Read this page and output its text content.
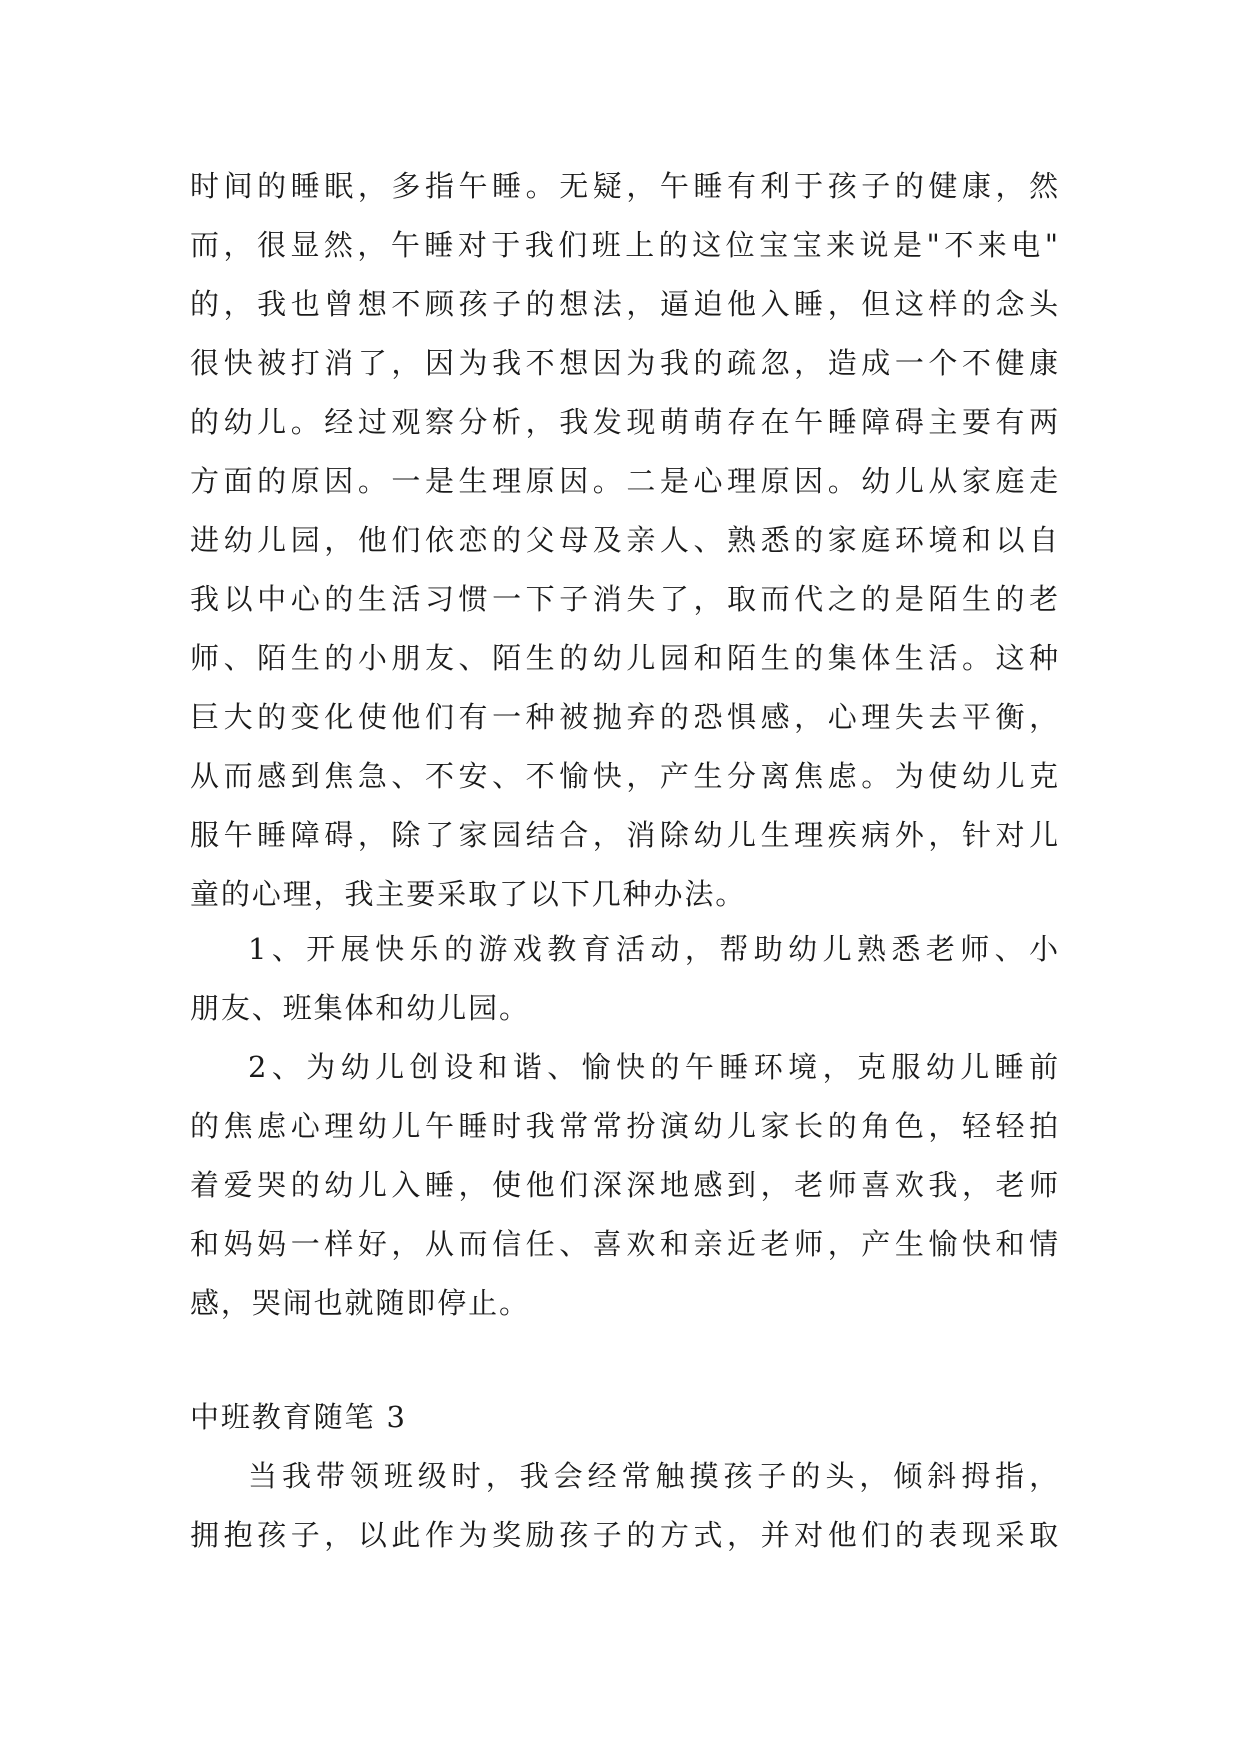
时间的睡眠，多指午睡。无疑，午睡有利于孩子的健康，然
而，很显然，午睡对于我们班上的这位宝宝来说是"不来电"
的，我也曾想不顾孩子的想法，逼迫他入睡，但这样的念头
很快被打消了，因为我不想因为我的疏忽，造成一个不健康
的幼儿。经过观察分析，我发现萌萌存在午睡障碍主要有两
方面的原因。一是生理原因。二是心理原因。幼儿从家庭走
进幼儿园，他们依恋的父母及亲人、熟悉的家庭环境和以自
我以中心的生活习惯一下子消失了，取而代之的是陌生的老
师、陌生的小朋友、陌生的幼儿园和陌生的集体生活。这种
巨大的变化使他们有一种被抛弃的恐惧感，心理失去平衡，
从而感到焦急、不安、不愉快，产生分离焦虑。为使幼儿克
服午睡障碍，除了家园结合，消除幼儿生理疾病外，针对儿
童的心理，我主要采取了以下几种办法。
1、开展快乐的游戏教育活动，帮助幼儿熟悉老师、小
朋友、班集体和幼儿园。
2、为幼儿创设和谐、愉快的午睡环境，克服幼儿睡前
的焦虑心理幼儿午睡时我常常扮演幼儿家长的角色，轻轻拍
着爱哭的幼儿入睡，使他们深深地感到，老师喜欢我，老师
和妈妈一样好，从而信任、喜欢和亲近老师，产生愉快和情
感，哭闹也就随即停止。
中班教育随笔 3
当我带领班级时，我会经常触摸孩子的头，倾斜拇指，
拥抱孩子，以此作为奖励孩子的方式，并对他们的表现采取
